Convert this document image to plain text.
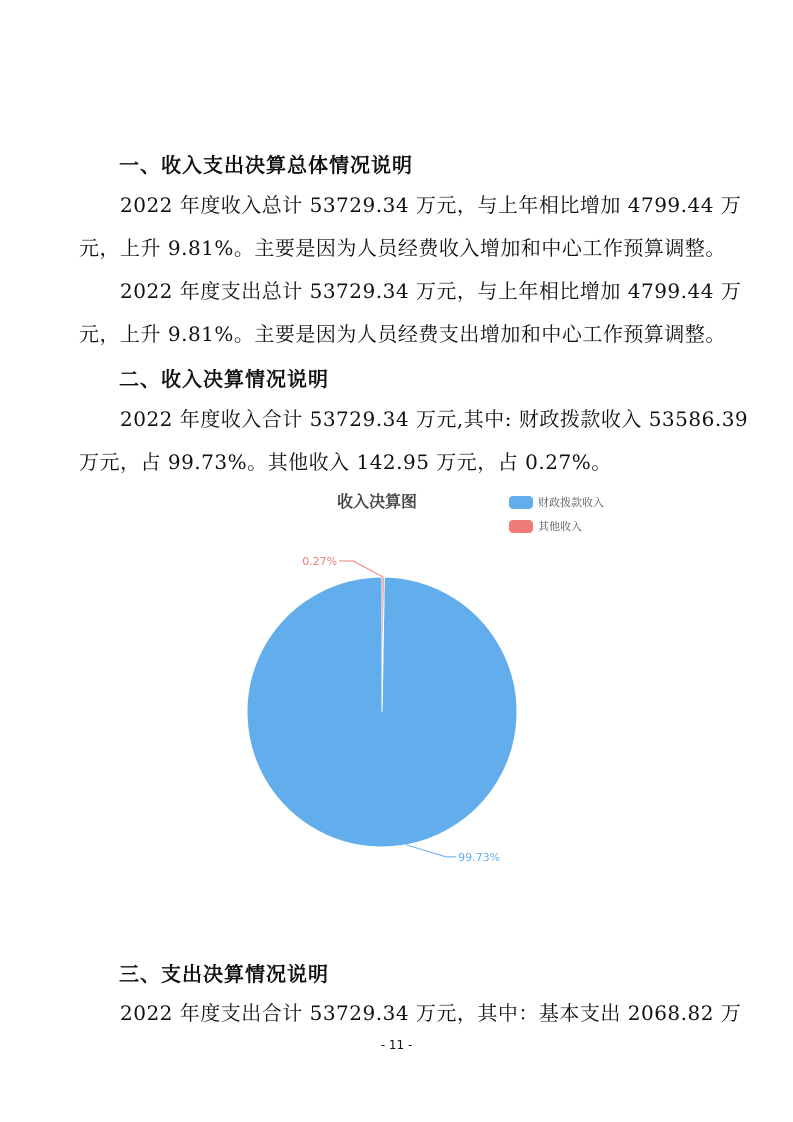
一、收入支出决算总体情况说明
2022 年度收入总计 53729.34 万元，与上年相比增加 4799.44 万
元，上升 9.81%。主要是因为人员经费收入增加和中心工作预算调整。
2022 年度支出总计 53729.34 万元，与上年相比增加 4799.44 万
元，上升 9.81%。主要是因为人员经费支出增加和中心工作预算调整。
二、收入决算情况说明
2022 年度收入合计 53729.34 万元,其中: 财政拨款收入 53586.39
万元，占 99.73%。其他收入 142.95 万元，占 0.27%。
收入决算图	财政拨款收入
其他收入
99.73%
0.27%
三、支出决算情况说明
2022 年度支出合计 53729.34 万元，其中：基本支出 2068.82 万
- 11 -
